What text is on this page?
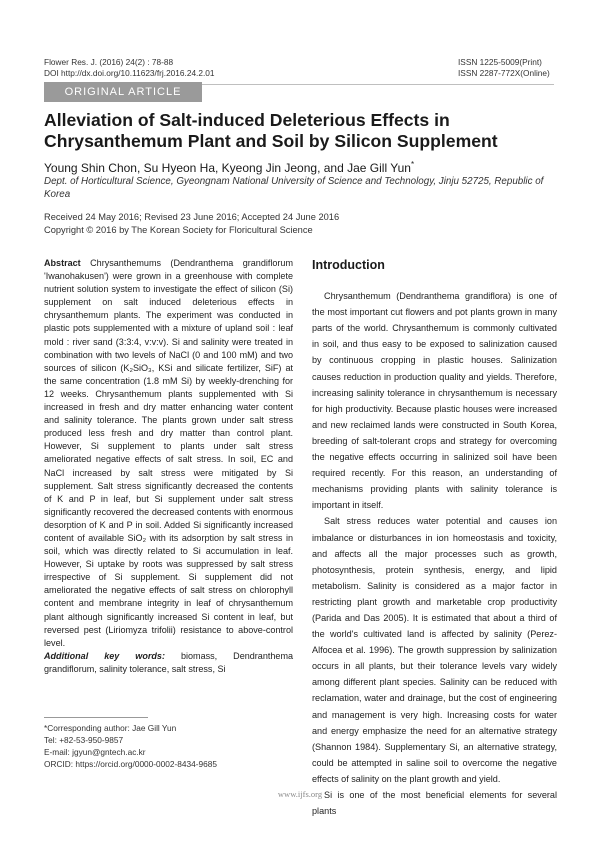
Flower Res. J. (2016) 24(2) : 78-88
DOI http://dx.doi.org/10.11623/frj.2016.24.2.01
ISSN 1225-5009(Print)
ISSN 2287-772X(Online)
ORIGINAL ARTICLE
Alleviation of Salt-induced Deleterious Effects in Chrysanthemum Plant and Soil by Silicon Supplement
Young Shin Chon, Su Hyeon Ha, Kyeong Jin Jeong, and Jae Gill Yun*
Dept. of Horticultural Science, Gyeongnam National University of Science and Technology, Jinju 52725, Republic of Korea
Received 24 May 2016; Revised 23 June 2016; Accepted 24 June 2016
Copyright © 2016 by The Korean Society for Floricultural Science

Abstract Chrysanthemums (Dendranthema grandiflorum 'Iwanohakusen') were grown in a greenhouse with complete nutrient solution system to investigate the effect of silicon (Si) supplement on salt induced deleterious effects in chrysanthemum plants. The experiment was conducted in plastic pots supplemented with a mixture of upland soil : leaf mold : river sand (3:3:4, v:v:v). Si and salinity were treated in combination with two levels of NaCl (0 and 100 mM) and two sources of silicon (K₂SiO₃, KSi and silicate fertilizer, SiF) at the same concentration (1.8 mM Si) by weekly-drenching for 12 weeks. Chrysanthemum plants supplemented with Si increased in fresh and dry matter enhancing water content and salinity tolerance. The plants grown under salt stress produced less fresh and dry matter than control plant. However, Si supplement to plants under salt stress ameliorated negative effects of salt stress. In soil, EC and NaCl increased by salt stress were mitigated by Si supplement. Salt stress significantly decreased the contents of K and P in leaf, but Si supplement under salt stress significantly recovered the decreased contents with enormous desorption of K and P in soil. Added Si significantly increased content of available SiO₂ with its adsorption by salt stress in soil, which was directly related to Si accumulation in leaf. However, Si uptake by roots was suppressed by salt stress irrespective of Si supplement. Si supplement did not ameliorated the negative effects of salt stress on chlorophyll content and membrane integrity in leaf of chrysanthemum plant although significantly increased Si content in leaf, but reversed pest (Liriomyza trifolii) resistance to above-control level.

Additional key words: biomass, Dendranthema grandiflorum, salinity tolerance, salt stress, Si

*Corresponding author: Jae Gill Yun
Tel: +82-53-950-9857
E-mail: jgyun@gntech.ac.kr
ORCID: https://orcid.org/0000-0002-8434-9685
Introduction

Chrysanthemum (Dendranthema grandiflora) is one of the most important cut flowers and pot plants grown in many parts of the world. Chrysanthemum is commonly cultivated in soil, and thus easy to be exposed to salinization caused by continuous cropping in plastic houses. Salinization causes reduction in production quality and yields. Therefore, increasing salinity tolerance in chrysanthemum is necessary for high productivity. Because plastic houses were increased and new reclaimed lands were constructed in South Korea, breeding of salt-tolerant crops and strategy for overcoming the negative effects occurring in salinized soil have been required recently. For this reason, an understanding of mechanisms providing plants with salinity tolerance is important in itself.

Salt stress reduces water potential and causes ion imbalance or disturbances in ion homeostasis and toxicity, and affects all the major processes such as growth, photosynthesis, protein synthesis, energy, and lipid metabolism. Salinity is considered as a major factor in restricting plant growth and marketable crop productivity (Parida and Das 2005). It is estimated that about a third of the world's cultivated land is affected by salinity (Perez-Alfocea et al. 1996). The growth suppression by salinization occurs in all plants, but their tolerance levels vary widely among different plant species. Salinity can be reduced with reclamation, water and drainage, but the cost of engineering and management is very high. Increasing costs for water and energy emphasize the need for an alternative strategy (Shannon 1984). Supplementary Si, an alternative strategy, could be attempted in saline soil to overcome the negative effects of salinity on the plant growth and yield.

Si is one of the most beneficial elements for several plants

www.ijfs.org
